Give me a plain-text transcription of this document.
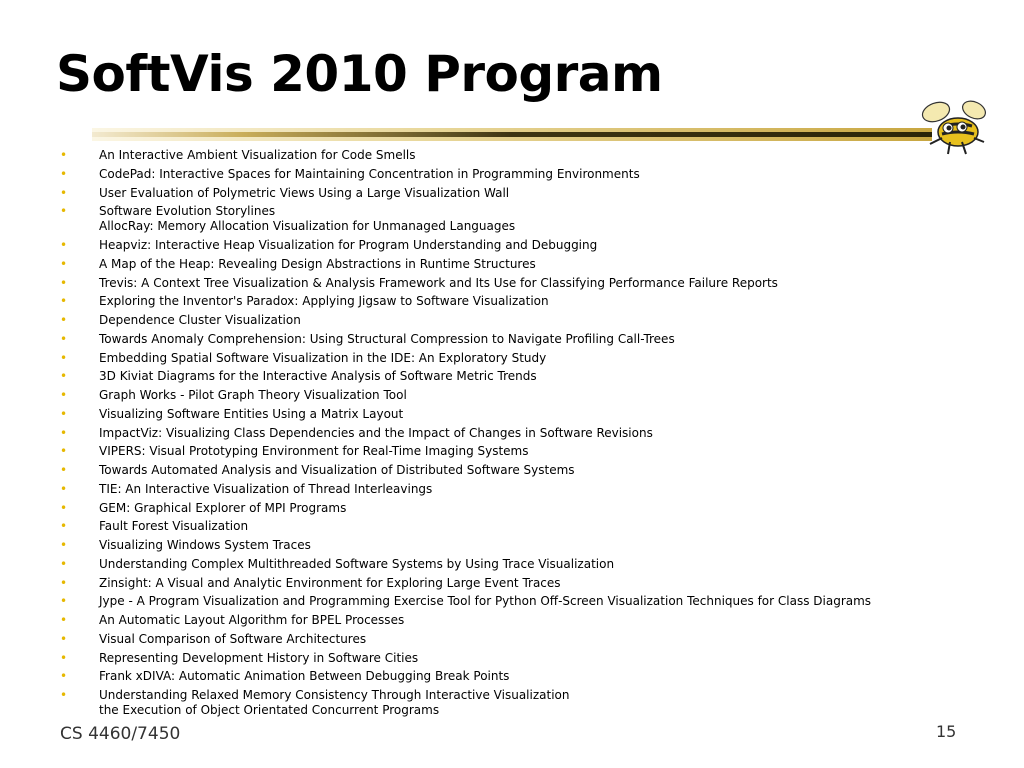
SoftVis 2010 Program
•	An Interactive Ambient Visualization for Code Smells
•	CodePad: Interactive Spaces for Maintaining Concentration in Programming Environments
•	User Evaluation of Polymetric Views Using a Large Visualization Wall
•	Software Evolution Storylines
AllocRay: Memory Allocation Visualization for Unmanaged Languages
•	Heapviz: Interactive Heap Visualization for Program Understanding and Debugging
•	A Map of the Heap: Revealing Design Abstractions in Runtime Structures
•	Trevis: A Context Tree Visualization & Analysis Framework and Its Use for Classifying Performance Failure Reports
•	Exploring the Inventor's Paradox: Applying Jigsaw to Software Visualization
•	Dependence Cluster Visualization
•	Towards Anomaly Comprehension: Using Structural Compression to Navigate Profiling Call-Trees
•	Embedding Spatial Software Visualization in the IDE: An Exploratory Study
•	3D Kiviat Diagrams for the Interactive Analysis of Software Metric Trends
•	Graph Works - Pilot Graph Theory Visualization Tool
•	Visualizing Software Entities Using a Matrix Layout
•	ImpactViz: Visualizing Class Dependencies and the Impact of Changes in Software Revisions
•	VIPERS: Visual Prototyping Environment for Real-Time Imaging Systems
•	Towards Automated Analysis and Visualization of Distributed Software Systems
•	TIE: An Interactive Visualization of Thread Interleavings
•	GEM: Graphical Explorer of MPI Programs
•	Fault Forest Visualization
•	Visualizing Windows System Traces
•	Understanding Complex Multithreaded Software Systems by Using Trace Visualization
•	Zinsight: A Visual and Analytic Environment for Exploring Large Event Traces
•	Jype - A Program Visualization and Programming Exercise Tool for Python Off-Screen Visualization Techniques for Class Diagrams
•	An Automatic Layout Algorithm for BPEL Processes
•	Visual Comparison of Software Architectures
•	Representing Development History in Software Cities
•	Frank xDIVA: Automatic Animation Between Debugging Break Points
•	Understanding Relaxed Memory Consistency Through Interactive Visualization
the Execution of Object Orientated Concurrent Programs
CS 4460/7450	15
